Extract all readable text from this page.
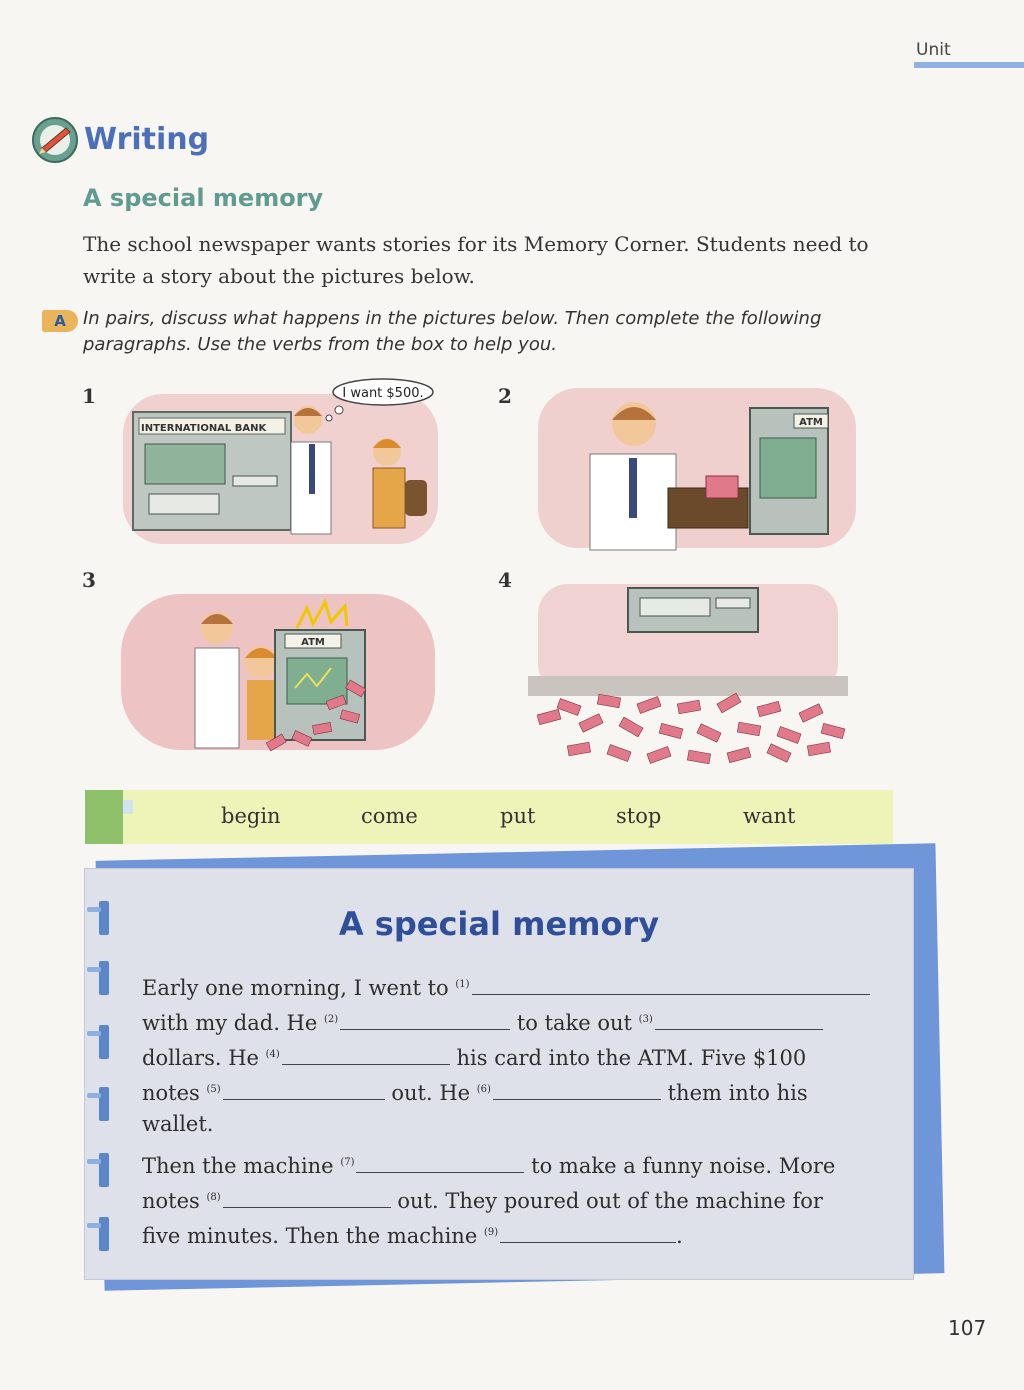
Unit
Writing
A special memory

The school newspaper wants stories for its Memory Corner. Students need to write a story about the pictures below.

A In pairs, discuss what happens in the pictures below. Then complete the following paragraphs. Use the verbs from the box to help you.

1
INTERNATIONAL BANK
I want $500.	2
ATM
3
ATM
4
begin	come	put	stop	want
A special memory
Early one morning, I went to $^{(1)}$
with my dad. He $^{(2)}$	to take out $^{(3)}$
dollars. He $^{(4)}$	his card into the ATM. Five $100
notes $^{(5)}$	out. He $^{(6)}$	them into his
wallet.
Then the machine $^{(7)}$	to make a funny noise. More
notes $^{(8)}$	out. They poured out of the machine for
five minutes. Then the machine $^{(9)}$	.
107
